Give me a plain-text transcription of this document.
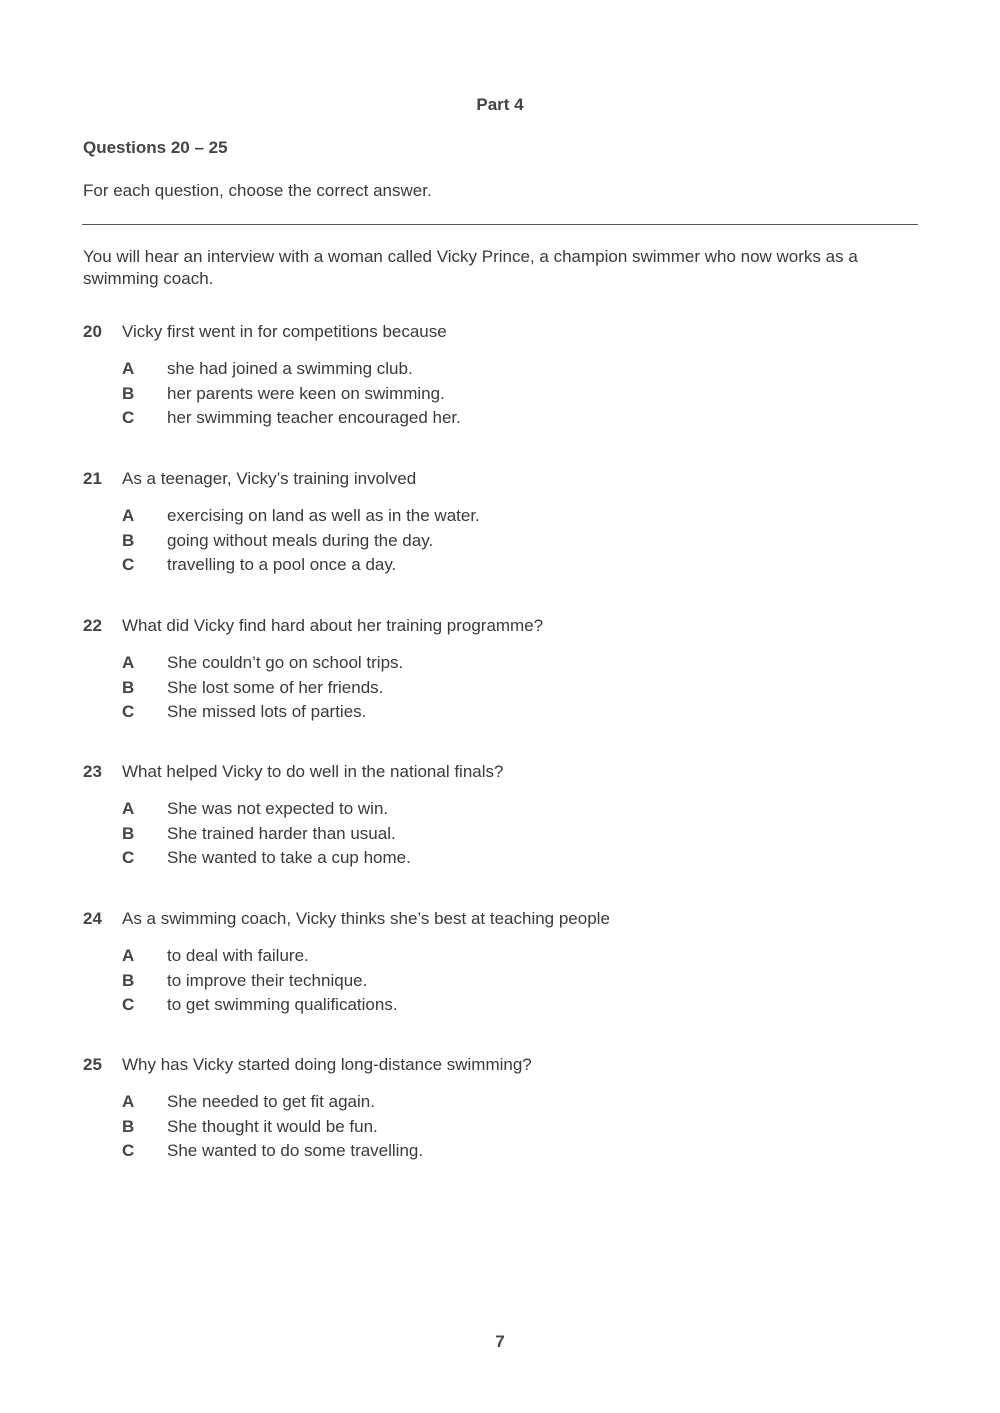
Part 4
Questions 20 – 25
For each question, choose the correct answer.
You will hear an interview with a woman called Vicky Prince, a champion swimmer who now works as a swimming coach.
20 Vicky first went in for competitions because
A she had joined a swimming club.
B her parents were keen on swimming.
C her swimming teacher encouraged her.
21 As a teenager, Vicky’s training involved
A exercising on land as well as in the water.
B going without meals during the day.
C travelling to a pool once a day.
22 What did Vicky find hard about her training programme?
A She couldn’t go on school trips.
B She lost some of her friends.
C She missed lots of parties.
23 What helped Vicky to do well in the national finals?
A She was not expected to win.
B She trained harder than usual.
C She wanted to take a cup home.
24 As a swimming coach, Vicky thinks she’s best at teaching people
A to deal with failure.
B to improve their technique.
C to get swimming qualifications.
25 Why has Vicky started doing long-distance swimming?
A She needed to get fit again.
B She thought it would be fun.
C She wanted to do some travelling.
7
